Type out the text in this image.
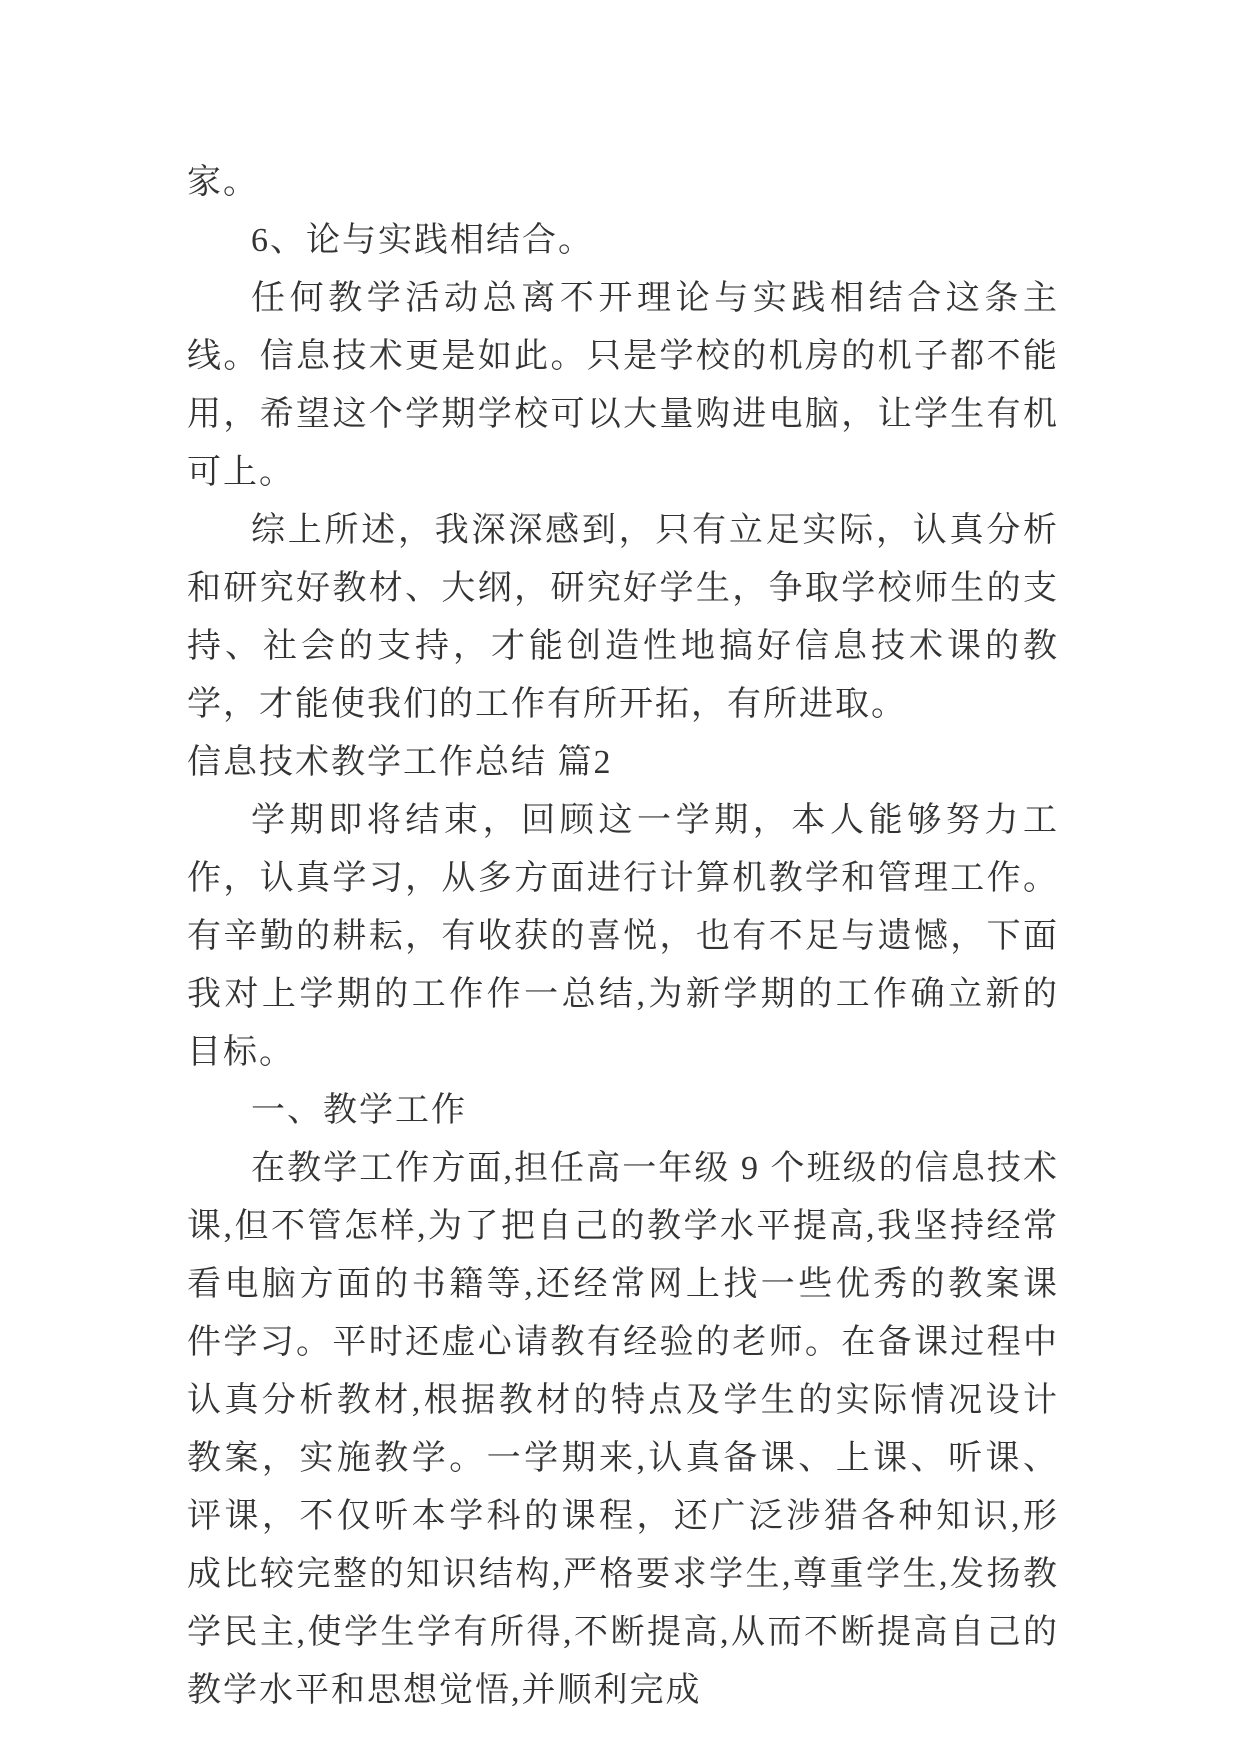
家。

6、论与实践相结合。

任何教学活动总离不开理论与实践相结合这条主线。信息技术更是如此。只是学校的机房的机子都不能用，希望这个学期学校可以大量购进电脑，让学生有机可上。

综上所述，我深深感到，只有立足实际，认真分析和研究好教材、大纲，研究好学生，争取学校师生的支持、社会的支持，才能创造性地搞好信息技术课的教学，才能使我们的工作有所开拓，有所进取。

信息技术教学工作总结 篇2

学期即将结束，回顾这一学期，本人能够努力工作，认真学习，从多方面进行计算机教学和管理工作。有辛勤的耕耘，有收获的喜悦，也有不足与遗憾，下面我对上学期的工作作一总结,为新学期的工作确立新的目标。

一、教学工作

在教学工作方面,担任高一年级 9 个班级的信息技术课,但不管怎样,为了把自己的教学水平提高,我坚持经常看电脑方面的书籍等,还经常网上找一些优秀的教案课件学习。平时还虚心请教有经验的老师。在备课过程中认真分析教材,根据教材的特点及学生的实际情况设计教案，实施教学。一学期来,认真备课、上课、听课、评课，不仅听本学科的课程，还广泛涉猎各种知识,形成比较完整的知识结构,严格要求学生,尊重学生,发扬教学民主,使学生学有所得,不断提高,从而不断提高自己的教学水平和思想觉悟,并顺利完成
